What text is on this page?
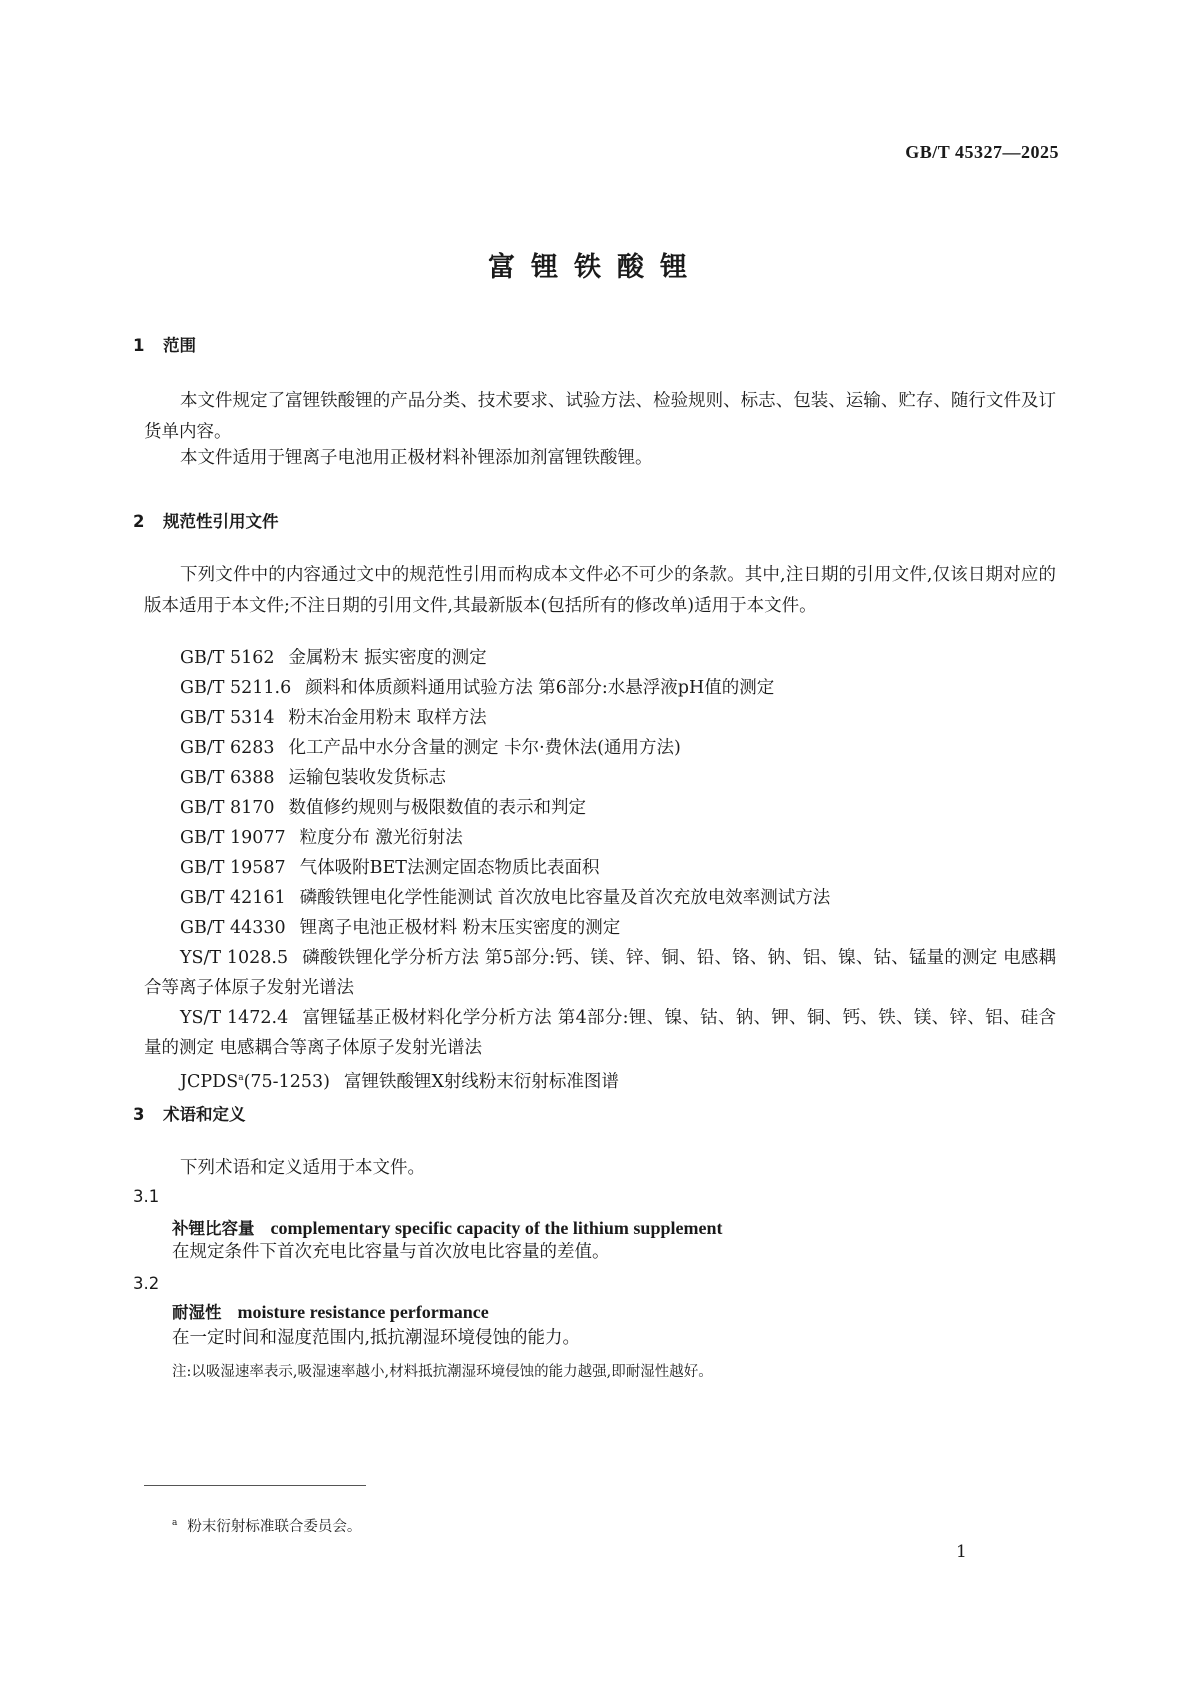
GB/T 45327—2025
富锂铁酸锂
1 范围
本文件规定了富锂铁酸锂的产品分类、技术要求、试验方法、检验规则、标志、包装、运输、贮存、随行文件及订货单内容。
本文件适用于锂离子电池用正极材料补锂添加剂富锂铁酸锂。
2 规范性引用文件
下列文件中的内容通过文中的规范性引用而构成本文件必不可少的条款。其中,注日期的引用文件,仅该日期对应的版本适用于本文件;不注日期的引用文件,其最新版本(包括所有的修改单)适用于本文件。
GB/T 5162 金属粉末 振实密度的测定
GB/T 5211.6 颜料和体质颜料通用试验方法 第6部分:水悬浮液pH值的测定
GB/T 5314 粉末冶金用粉末 取样方法
GB/T 6283 化工产品中水分含量的测定 卡尔·费休法(通用方法)
GB/T 6388 运输包装收发货标志
GB/T 8170 数值修约规则与极限数值的表示和判定
GB/T 19077 粒度分布 激光衍射法
GB/T 19587 气体吸附BET法测定固态物质比表面积
GB/T 42161 磷酸铁锂电化学性能测试 首次放电比容量及首次充放电效率测试方法
GB/T 44330 锂离子电池正极材料 粉末压实密度的测定
YS/T 1028.5 磷酸铁锂化学分析方法 第5部分:钙、镁、锌、铜、铅、铬、钠、铝、镍、钴、锰量的测定 电感耦合等离子体原子发射光谱法
YS/T 1472.4 富锂锰基正极材料化学分析方法 第4部分:锂、镍、钴、钠、钾、铜、钙、铁、镁、锌、铝、硅含量的测定 电感耦合等离子体原子发射光谱法
JCPDS$^a$(75-1253) 富锂铁酸锂X射线粉末衍射标准图谱
3 术语和定义
下列术语和定义适用于本文件。
3.1
补锂比容量 complementary specific capacity of the lithium supplement
在规定条件下首次充电比容量与首次放电比容量的差值。
3.2
耐湿性 moisture resistance performance
在一定时间和湿度范围内,抵抗潮湿环境侵蚀的能力。
注:以吸湿速率表示,吸湿速率越小,材料抵抗潮湿环境侵蚀的能力越强,即耐湿性越好。
$^a$ 粉末衍射标准联合委员会。
1
